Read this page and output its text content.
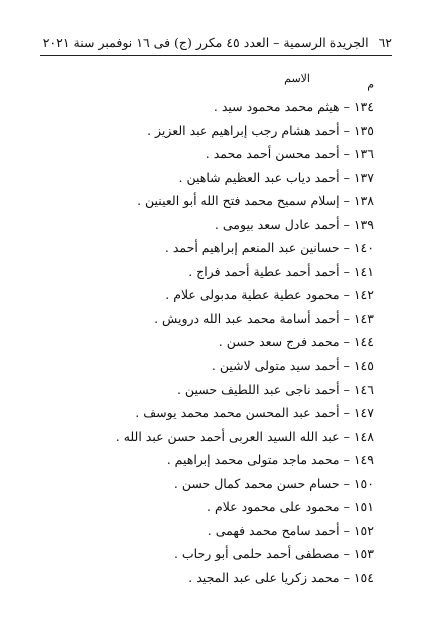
٦٢
الجريدة الرسمية – العدد ٤٥ مكرر (ج) فى ١٦ نوفمبر سنة ٢٠٢١
م
الاسم
١٣٤–هيثم محمد محمود سيد .
١٣٥–أحمد هشام رجب إبراهيم عبد العزيز .
١٣٦–أحمد محسن أحمد محمد .
١٣٧–أحمد دياب عبد العظيم شاهين .
١٣٨–إسلام سميح محمد فتح الله أبو العينين .
١٣٩–أحمد عادل سعد بيومى .
١٤٠–حسانين عبد المنعم إبراهيم أحمد .
١٤١–أحمد أحمد عطية أحمد فراج .
١٤٢–محمود عطية عطية مدبولى علام .
١٤٣–أحمد أسامة محمد عبد الله درويش .
١٤٤–محمد فرج سعد حسن .
١٤٥–أحمد سيد متولى لاشين .
١٤٦–أحمد ناجى عبد اللطيف حسين .
١٤٧–أحمد عبد المحسن محمد محمد يوسف .
١٤٨–عبد الله السيد العربى أحمد حسن عبد الله .
١٤٩–محمد ماجد متولى محمد إبراهيم .
١٥٠–حسام حسن محمد كمال حسن .
١٥١–محمود على محمود علام .
١٥٢–أحمد سامح محمد فهمى .
١٥٣–مصطفى أحمد حلمى أبو رحاب .
١٥٤–محمد زكريا على عبد المجيد .
